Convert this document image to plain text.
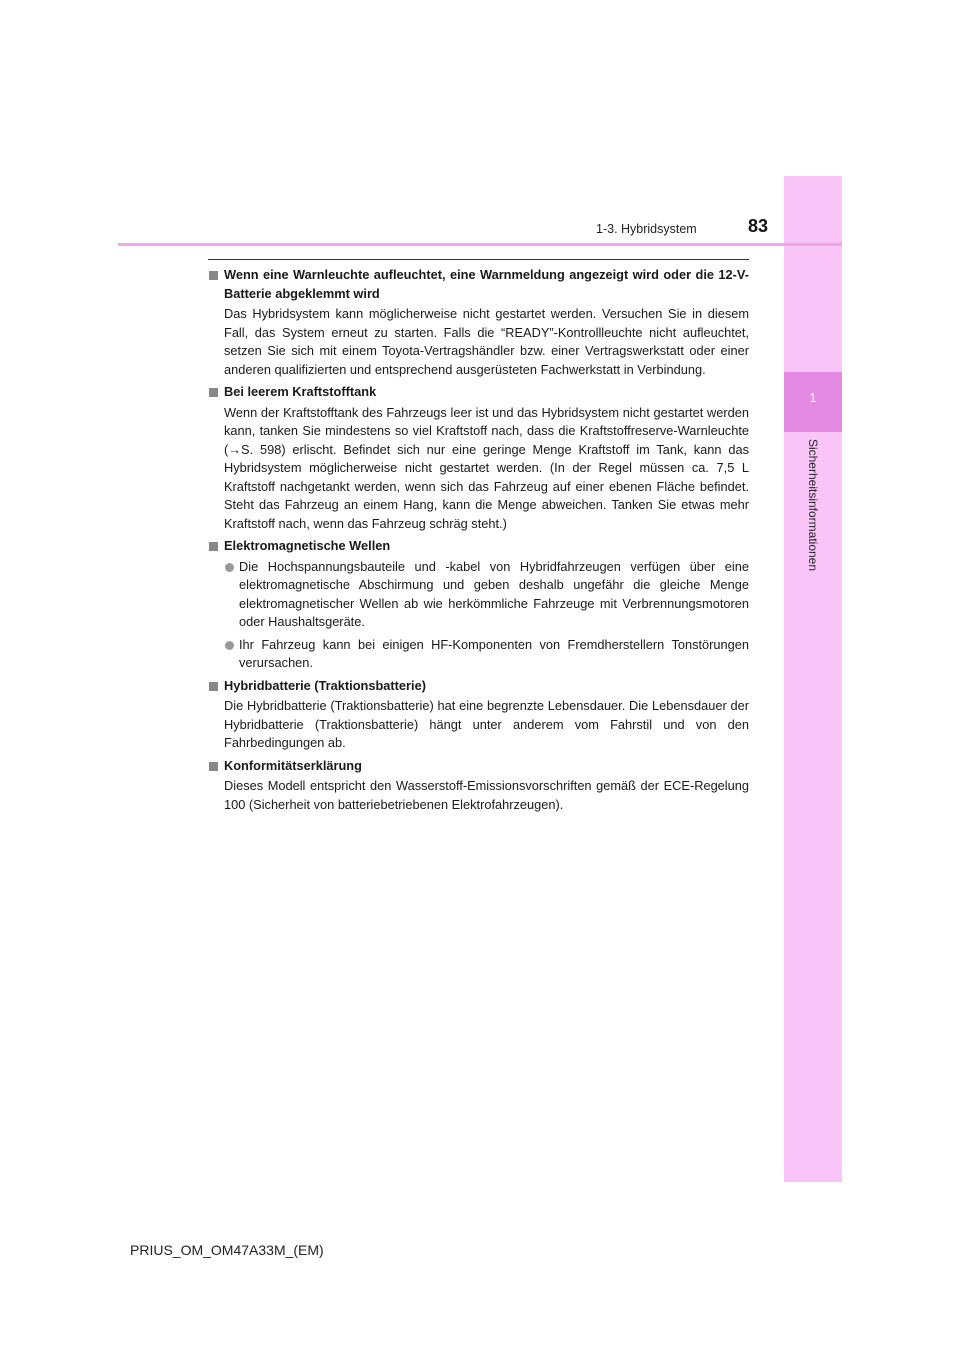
1
Sicherheitsinformationen
1-3. Hybridsystem	83
Wenn eine Warnleuchte aufleuchtet, eine Warnmeldung angezeigt wird oder die 12-V-Batterie abgeklemmt wird
Das Hybridsystem kann möglicherweise nicht gestartet werden. Versuchen Sie in diesem Fall, das System erneut zu starten. Falls die “READY”-Kontrollleuchte nicht aufleuchtet, setzen Sie sich mit einem Toyota-Vertragshändler bzw. einer Vertragswerkstatt oder einer anderen qualifizierten und entsprechend ausgerüsteten Fachwerkstatt in Verbindung.
Bei leerem Kraftstofftank
Wenn der Kraftstofftank des Fahrzeugs leer ist und das Hybridsystem nicht gestartet werden kann, tanken Sie mindestens so viel Kraftstoff nach, dass die Kraftstoffreserve-Warnleuchte (→S. 598) erlischt. Befindet sich nur eine geringe Menge Kraftstoff im Tank, kann das Hybridsystem möglicherweise nicht gestartet werden. (In der Regel müssen ca. 7,5 L Kraftstoff nachgetankt werden, wenn sich das Fahrzeug auf einer ebenen Fläche befindet. Steht das Fahrzeug an einem Hang, kann die Menge abweichen. Tanken Sie etwas mehr Kraftstoff nach, wenn das Fahrzeug schräg steht.)
Elektromagnetische Wellen
Die Hochspannungsbauteile und -kabel von Hybridfahrzeugen verfügen über eine elektromagnetische Abschirmung und geben deshalb ungefähr die gleiche Menge elektromagnetischer Wellen ab wie herkömmliche Fahrzeuge mit Verbrennungsmotoren oder Haushaltsgeräte.
Ihr Fahrzeug kann bei einigen HF-Komponenten von Fremdherstellern Tonstörungen verursachen.
Hybridbatterie (Traktionsbatterie)
Die Hybridbatterie (Traktionsbatterie) hat eine begrenzte Lebensdauer. Die Lebensdauer der Hybridbatterie (Traktionsbatterie) hängt unter anderem vom Fahrstil und von den Fahrbedingungen ab.
Konformitätserklärung
Dieses Modell entspricht den Wasserstoff-Emissionsvorschriften gemäß der ECE-Regelung 100 (Sicherheit von batteriebetriebenen Elektrofahrzeugen).
PRIUS_OM_OM47A33M_(EM)
